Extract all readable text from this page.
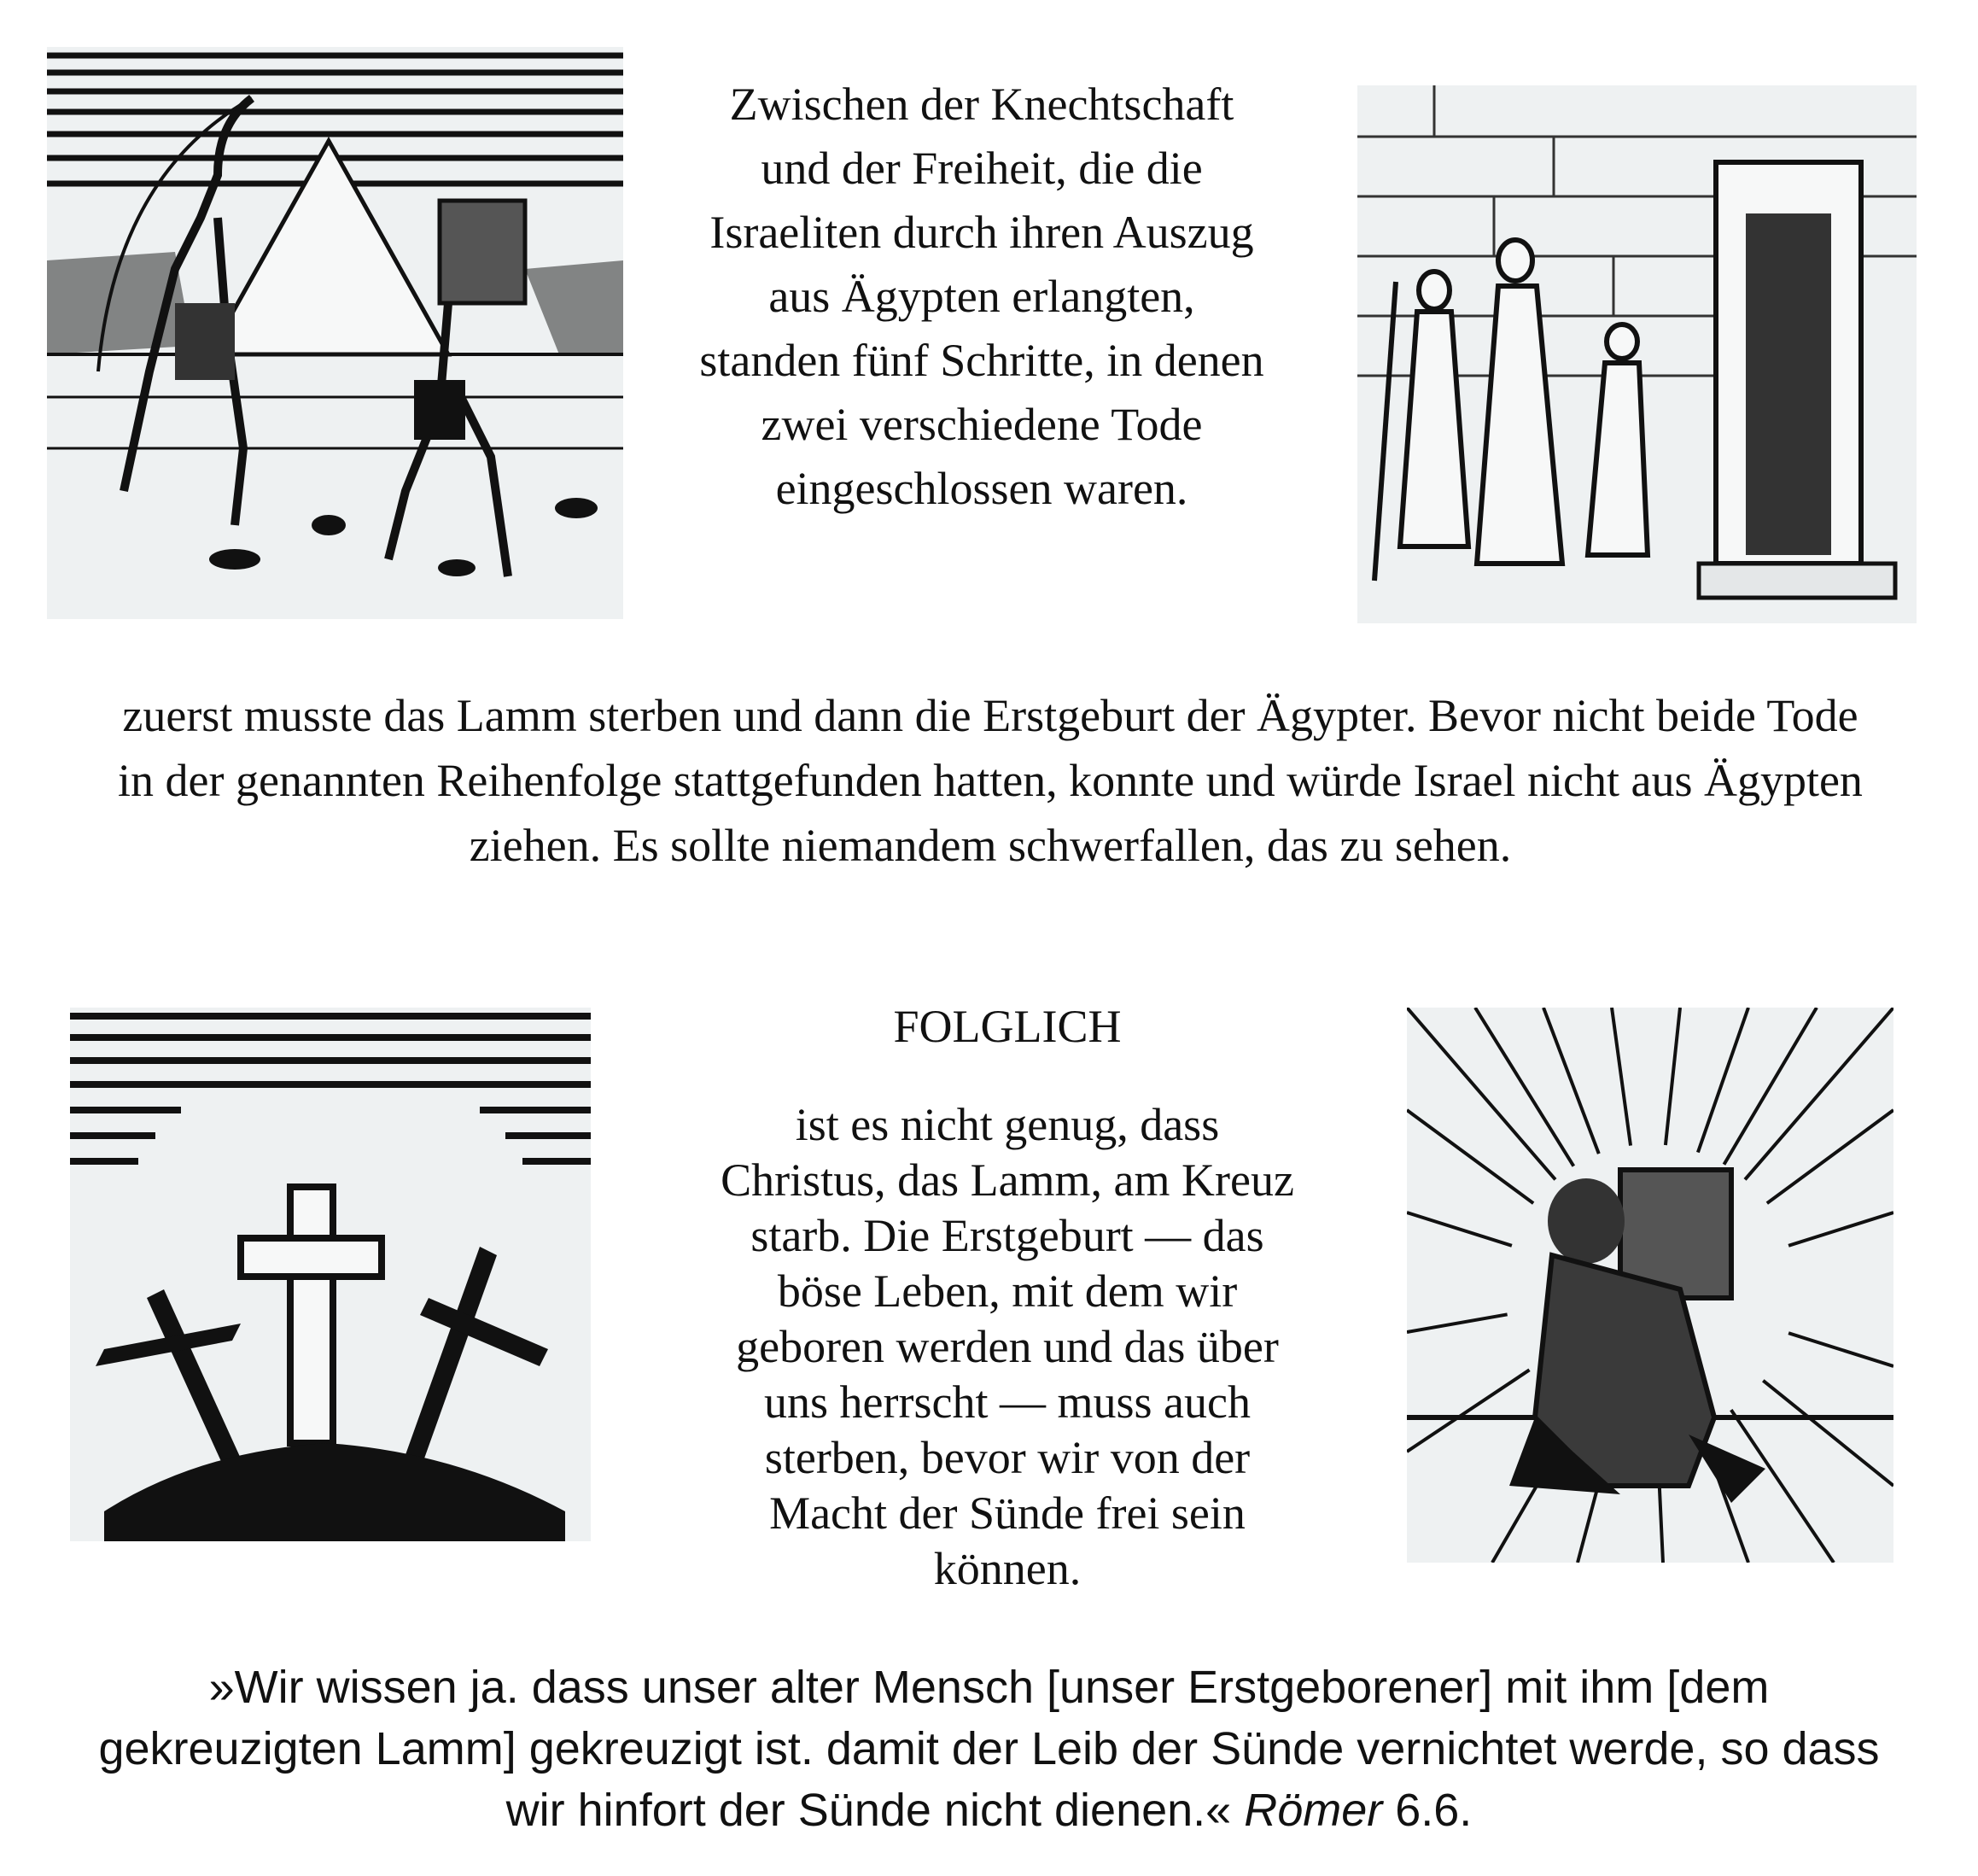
Zwischen der Knechtschaft
und der Freiheit, die die
Israeliten durch ihren Auszug
aus Ägypten erlangten,
standen fünf Schritte, in denen
zwei verschiedene Tode
eingeschlossen waren.
zuerst musste das Lamm sterben und dann die Erstgeburt der Ägypter. Bevor nicht beide Tode
in der genannten Reihenfolge stattgefunden hatten, konnte und würde Israel nicht aus Ägypten
ziehen. Es sollte niemandem schwerfallen, das zu sehen.
FOLGLICH
ist es nicht genug, dass
Christus, das Lamm, am Kreuz
starb. Die Erstgeburt — das
böse Leben, mit dem wir
geboren werden und das über
uns herrscht — muss auch
sterben, bevor wir von der
Macht der Sünde frei sein
können.
»Wir wissen ja. dass unser alter Mensch [unser Erstgeborener] mit ihm [dem
gekreuzigten Lamm] gekreuzigt ist. damit der Leib der Sünde vernichtet werde, so dass
wir hinfort der Sünde nicht dienen.« Römer 6.6.
